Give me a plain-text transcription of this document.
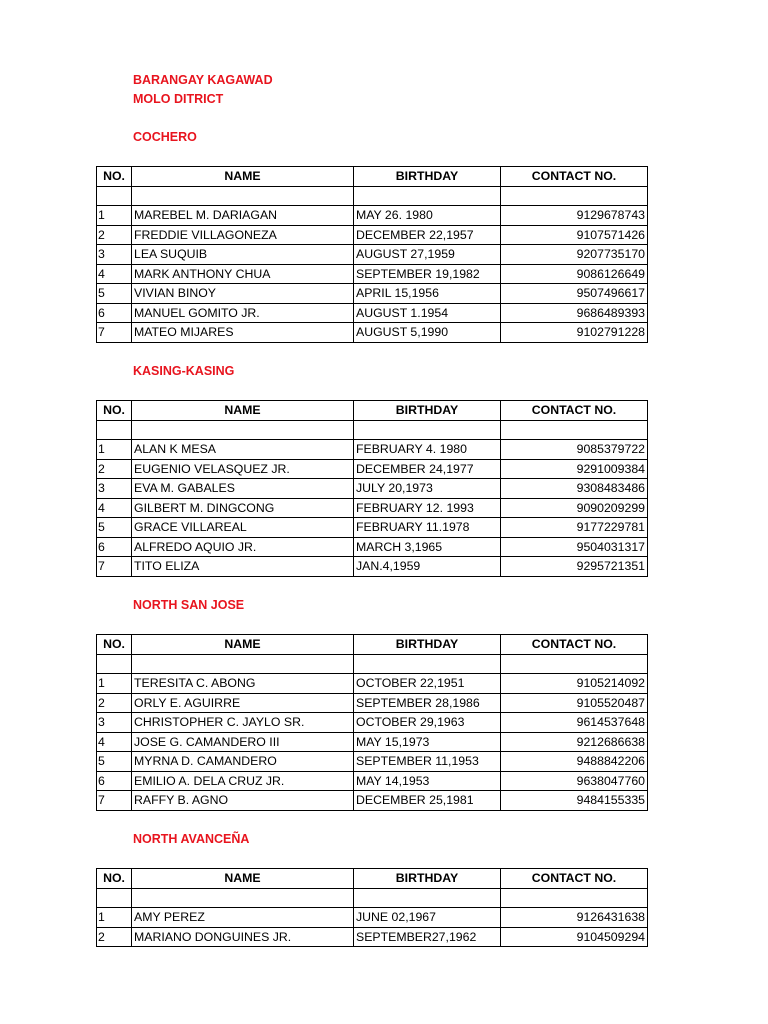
BARANGAY KAGAWAD
MOLO DITRICT
COCHERO
NO.	NAME	BIRTHDAY	CONTACT NO.

1	MAREBEL M. DARIAGAN	MAY 26. 1980	9129678743
2	FREDDIE VILLAGONEZA	DECEMBER 22,1957	9107571426
3	LEA SUQUIB	AUGUST 27,1959	9207735170
4	MARK ANTHONY CHUA	SEPTEMBER 19,1982	9086126649
5	VIVIAN BINOY	APRIL 15,1956	9507496617
6	MANUEL GOMITO JR.	AUGUST 1.1954	9686489393
7	MATEO MIJARES	AUGUST 5,1990	9102791228
KASING-KASING
NO.	NAME	BIRTHDAY	CONTACT NO.

1	ALAN K MESA	FEBRUARY 4. 1980	9085379722
2	EUGENIO VELASQUEZ JR.	DECEMBER 24,1977	9291009384
3	EVA M. GABALES	JULY 20,1973	9308483486
4	GILBERT M. DINGCONG	FEBRUARY 12. 1993	9090209299
5	GRACE VILLAREAL	FEBRUARY 11.1978	9177229781
6	ALFREDO AQUIO JR.	MARCH 3,1965	9504031317
7	TITO ELIZA	JAN.4,1959	9295721351
NORTH SAN JOSE
NO.	NAME	BIRTHDAY	CONTACT NO.

1	TERESITA C. ABONG	OCTOBER 22,1951	9105214092
2	ORLY E. AGUIRRE	SEPTEMBER 28,1986	9105520487
3	CHRISTOPHER C. JAYLO SR.	OCTOBER 29,1963	9614537648
4	JOSE G. CAMANDERO III	MAY 15,1973	9212686638
5	MYRNA D. CAMANDERO	SEPTEMBER 11,1953	9488842206
6	EMILIO A. DELA CRUZ JR.	MAY 14,1953	9638047760
7	RAFFY B. AGNO	DECEMBER 25,1981	9484155335
NORTH AVANCEÑA
NO.	NAME	BIRTHDAY	CONTACT NO.

1	AMY PEREZ	JUNE 02,1967	9126431638
2	MARIANO DONGUINES JR.	SEPTEMBER27,1962	9104509294
